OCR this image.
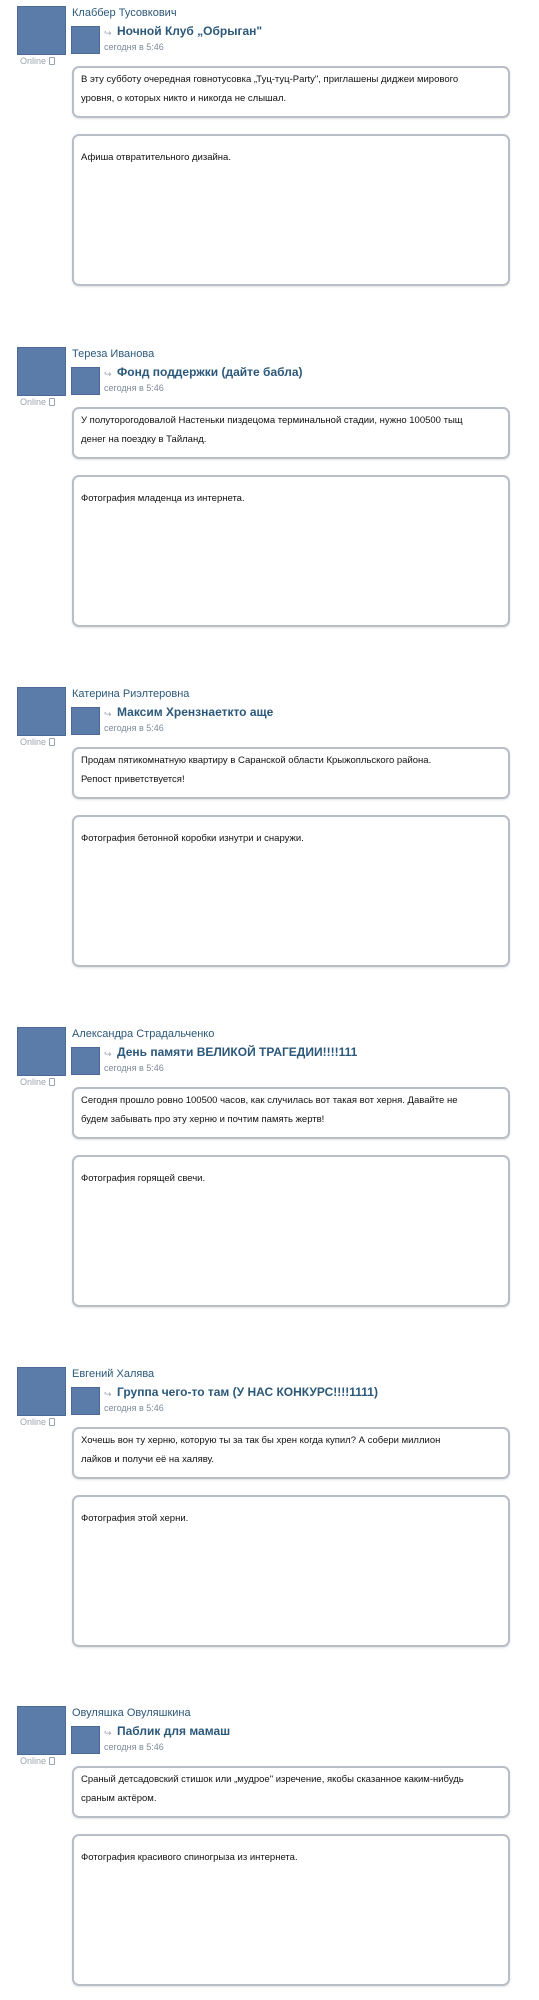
Online
Клаббер Тусовкович
↪ Ночной Клуб „Обрыган"
сегодня в 5:46
В эту субботу очередная говнотусовка „Туц-туц-Party", приглашены диджеи мирового
уровня, о которых никто и никогда не слышал.
Афиша отвратительного дизайна.
Online
Тереза Иванова
↪ Фонд поддержки (дайте бабла)
сегодня в 5:46
У полуторогодовалой Настеньки пиздецома терминальной стадии, нужно 100500 тыщ
денег на поездку в Тайланд.
Фотография младенца из интернета.
Online
Катерина Риэлтеровна
↪ Максим Хрензнаеткто аще
сегодня в 5:46
Продам пятикомнатную квартиру в Саранской области Крыжопльского района.
Репост приветствуется!
Фотография бетонной коробки изнутри и снаружи.
Online
Александра Страдальченко
↪ День памяти ВЕЛИКОЙ ТРАГЕДИИ!!!!111
сегодня в 5:46
Сегодня прошло ровно 100500 часов, как случилась вот такая вот херня. Давайте не
будем забывать про эту херню и почтим память жертв!
Фотография горящей свечи.
Online
Евгений Халява
↪ Группа чего-то там (У НАС КОНКУРС!!!!1111)
сегодня в 5:46
Хочешь вон ту херню, которую ты за так бы хрен когда купил? А собери миллион
лайков и получи её на халяву.
Фотография этой херни.
Online
Овуляшка Овуляшкина
↪ Паблик для мамаш
сегодня в 5:46
Сраный детсадовский стишок или „мудрое" изречение, якобы сказанное каким-нибудь
сраным актёром.
Фотография красивого спиногрыза из интернета.
